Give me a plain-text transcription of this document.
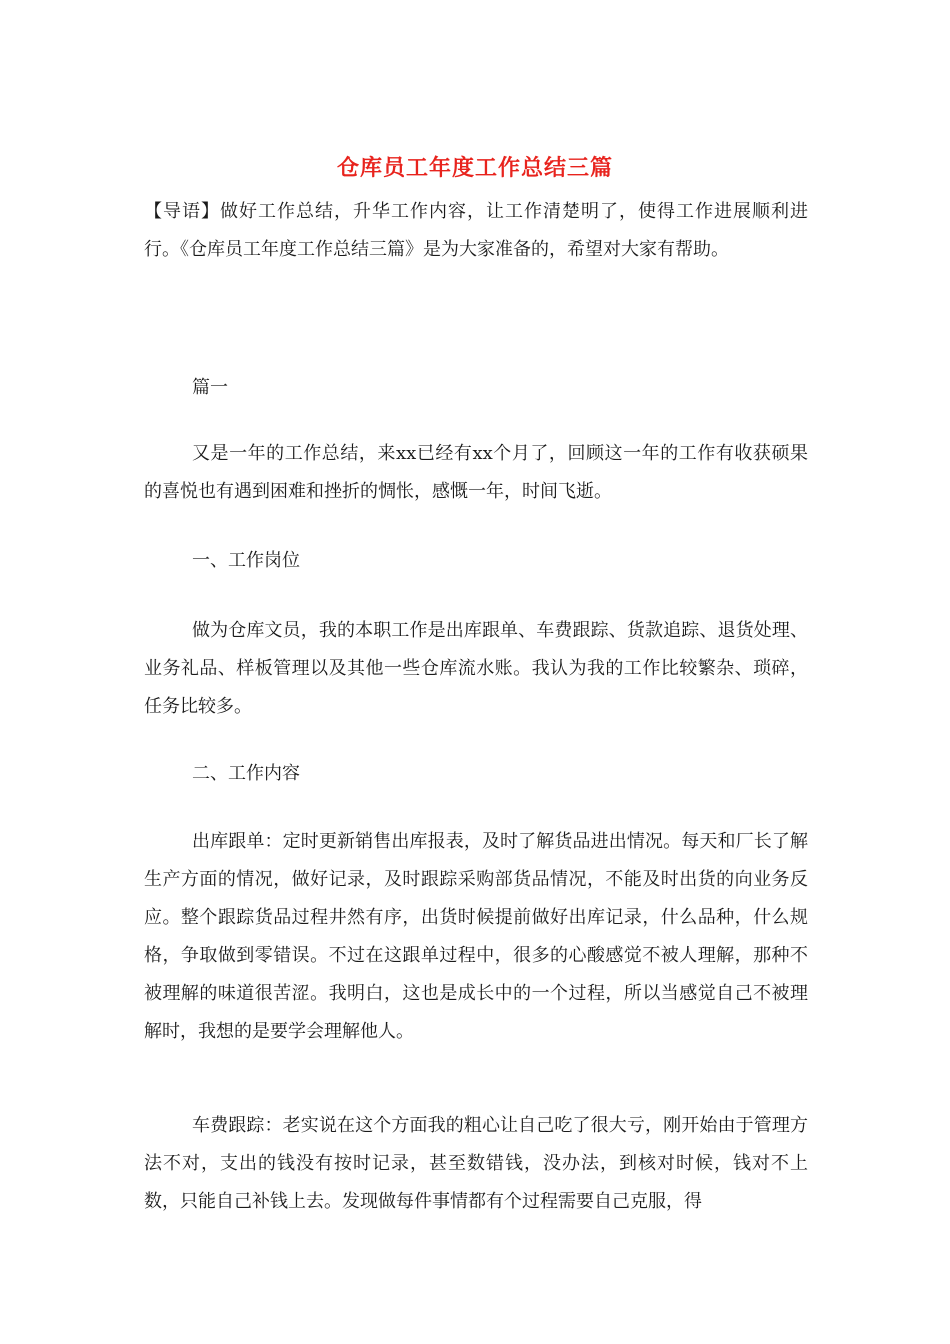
仓库员工年度工作总结三篇

【导语】做好工作总结，升华工作内容，让工作清楚明了，使得工作进展顺利进行。《仓库员工年度工作总结三篇》是为大家准备的，希望对大家有帮助。

篇一

又是一年的工作总结，来xx已经有xx个月了，回顾这一年的工作有收获硕果的喜悦也有遇到困难和挫折的惆怅，感慨一年，时间飞逝。

一、工作岗位

做为仓库文员，我的本职工作是出库跟单、车费跟踪、货款追踪、退货处理、业务礼品、样板管理以及其他一些仓库流水账。我认为我的工作比较繁杂、琐碎，任务比较多。

二、工作内容

出库跟单：定时更新销售出库报表，及时了解货品进出情况。每天和厂长了解生产方面的情况，做好记录，及时跟踪采购部货品情况，不能及时出货的向业务反应。整个跟踪货品过程井然有序，出货时候提前做好出库记录，什么品种，什么规格，争取做到零错误。不过在这跟单过程中，很多的心酸感觉不被人理解，那种不被理解的味道很苦涩。我明白，这也是成长中的一个过程，所以当感觉自己不被理解时，我想的是要学会理解他人。

车费跟踪：老实说在这个方面我的粗心让自己吃了很大亏，刚开始由于管理方法不对，支出的钱没有按时记录，甚至数错钱，没办法，到核对时候，钱对不上数，只能自己补钱上去。发现做每件事情都有个过程需要自己克服，得
